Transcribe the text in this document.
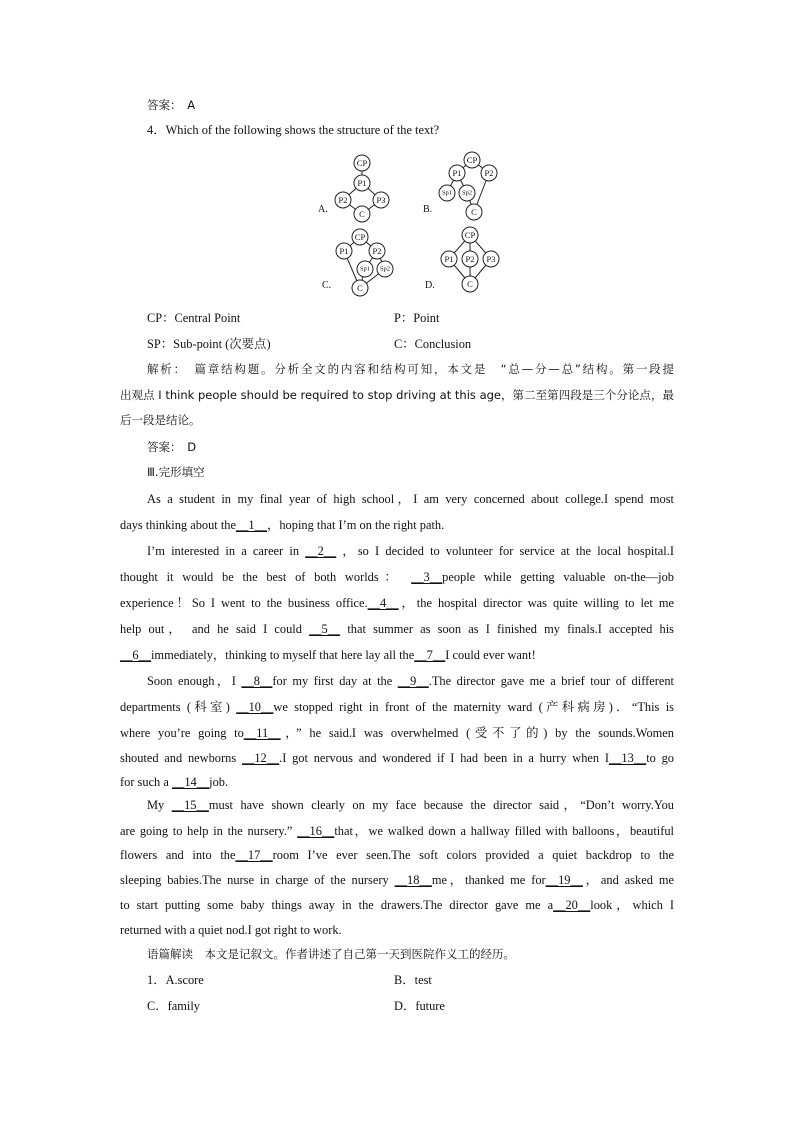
答案：　A
4．Which of the following shows the structure of the text?
A.
CP
P1
P2	P3
C	B.
CP
P1	P2
Sp1 Sp2
C
C.
CP
P1	P2
Sp1 Sp2
C	D.
CP
P1 P2 P3
C
CP：Central Point	P：Point
SP：Sub-point (次要点)	C：Conclusion
解析：　篇章结构题。分析全文的内容和结构可知，本文是　“总—分—总”结构。第一段提
出观点 I think people should be required to stop driving at this age，第二至第四段是三个分论点，最
后一段是结论。
答案：　D
Ⅲ.完形填空
As a student in my final year of high school，I am very concerned about college.I spend most
days thinking about the__1__，hoping that I’m on the right path.
I’m interested in a career in __2__ ，so I decided to volunteer for service at the local hospital.I
thought it would be the best of both worlds： __3__people while getting valuable on-the—job
experience！So I went to the business office.__4__，the hospital director was quite willing to let me
help out， and he said I could __5__ that summer as soon as I finished my finals.I accepted his
__6__immediately，thinking to myself that here lay all the__7__I could ever want!
Soon enough，I __8__for my first day at the __9__.The director gave me a brief tour of different
departments (科室) __10__we stopped right in front of the maternity ward (产科病房)．“This is
where you’re going to__11__，” he said.I was overwhelmed (受不了的) by the sounds.Women
shouted and newborns __12__.I got nervous and wondered if I had been in a hurry when I__13__to go
for such a __14__job.
My __15__must have shown clearly on my face because the director said，“Don’t worry.You
are going to help in the nursery.” __16__that，we walked down a hallway filled with balloons，beautiful
flowers and into the__17__room I’ve ever seen.The soft colors provided a quiet backdrop to the
sleeping babies.The nurse in charge of the nursery __18__me，thanked me for__19__，and asked me
to start putting some baby things away in the drawers.The director gave me a__20__look，which I
returned with a quiet nod.I got right to work.
语篇解读　本文是记叙文。作者讲述了自己第一天到医院作义工的经历。
1．A.score	B．test
C．family	D．future
